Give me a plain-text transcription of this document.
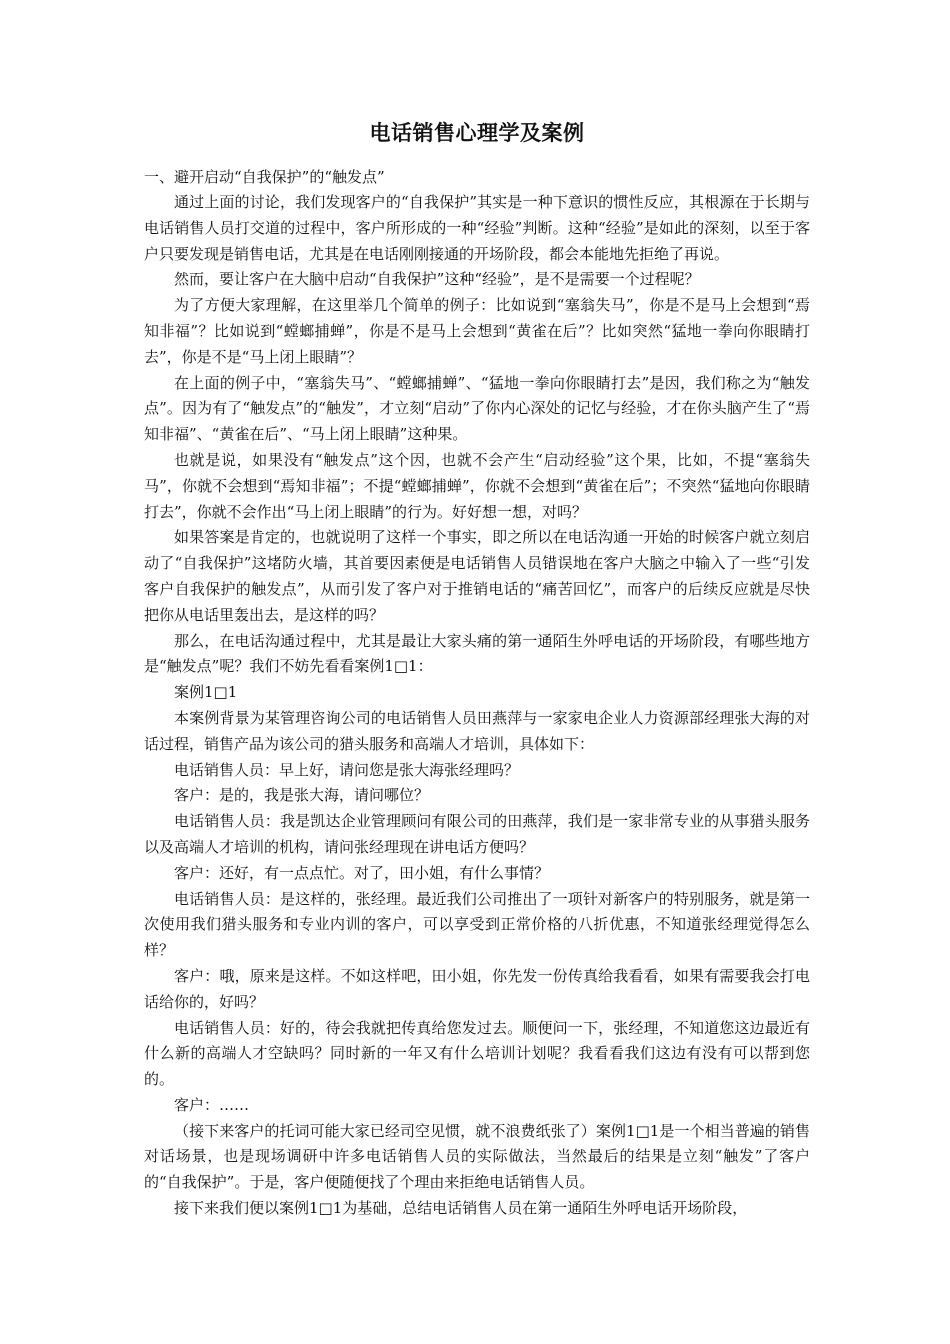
电话销售心理学及案例

一、避开启动“自我保护”的“触发点”

通过上面的讨论，我们发现客户的“自我保护”其实是一种下意识的惯性反应，其根源在于长期与电话销售人员打交道的过程中，客户所形成的一种“经验”判断。这种“经验”是如此的深刻，以至于客户只要发现是销售电话，尤其是在电话刚刚接通的开场阶段，都会本能地先拒绝了再说。

然而，要让客户在大脑中启动“自我保护”这种“经验”，是不是需要一个过程呢？

为了方便大家理解，在这里举几个简单的例子：比如说到“塞翁失马”，你是不是马上会想到“焉知非福”？比如说到“螳螂捕蝉”，你是不是马上会想到“黄雀在后”？比如突然“猛地一拳向你眼睛打去”，你是不是“马上闭上眼睛”？

在上面的例子中，“塞翁失马”、“螳螂捕蝉”、“猛地一拳向你眼睛打去”是因，我们称之为“触发点”。因为有了“触发点”的“触发”，才立刻“启动”了你内心深处的记忆与经验，才在你头脑产生了“焉知非福”、“黄雀在后”、“马上闭上眼睛”这种果。

也就是说，如果没有“触发点”这个因，也就不会产生“启动经验”这个果，比如，不提“塞翁失马”，你就不会想到“焉知非福”；不提“螳螂捕蝉”，你就不会想到“黄雀在后”；不突然“猛地向你眼睛打去”，你就不会作出“马上闭上眼睛”的行为。好好想一想，对吗？

如果答案是肯定的，也就说明了这样一个事实，即之所以在电话沟通一开始的时候客户就立刻启动了“自我保护”这堵防火墙，其首要因素便是电话销售人员错误地在客户大脑之中输入了一些“引发客户自我保护的触发点”，从而引发了客户对于推销电话的“痛苦回忆”，而客户的后续反应就是尽快把你从电话里轰出去，是这样的吗？

那么，在电话沟通过程中，尤其是最让大家头痛的第一通陌生外呼电话的开场阶段，有哪些地方是“触发点”呢？我们不妨先看看案例1□1：

案例1□1

本案例背景为某管理咨询公司的电话销售人员田燕萍与一家家电企业人力资源部经理张大海的对话过程，销售产品为该公司的猎头服务和高端人才培训，具体如下：

电话销售人员：早上好，请问您是张大海张经理吗？

客户：是的，我是张大海，请问哪位？

电话销售人员：我是凯达企业管理顾问有限公司的田燕萍，我们是一家非常专业的从事猎头服务以及高端人才培训的机构，请问张经理现在讲电话方便吗？

客户：还好，有一点点忙。对了，田小姐，有什么事情？

电话销售人员：是这样的，张经理。最近我们公司推出了一项针对新客户的特别服务，就是第一次使用我们猎头服务和专业内训的客户，可以享受到正常价格的八折优惠，不知道张经理觉得怎么样？

客户：哦，原来是这样。不如这样吧，田小姐，你先发一份传真给我看看，如果有需要我会打电话给你的，好吗？

电话销售人员：好的，待会我就把传真给您发过去。顺便问一下，张经理，不知道您这边最近有什么新的高端人才空缺吗？同时新的一年又有什么培训计划呢？我看看我们这边有没有可以帮到您的。

客户：……

（接下来客户的托词可能大家已经司空见惯，就不浪费纸张了）案例1□1是一个相当普遍的销售对话场景，也是现场调研中许多电话销售人员的实际做法，当然最后的结果是立刻“触发”了客户的“自我保护”。于是，客户便随便找了个理由来拒绝电话销售人员。

接下来我们便以案例1□1为基础，总结电话销售人员在第一通陌生外呼电话开场阶段，
